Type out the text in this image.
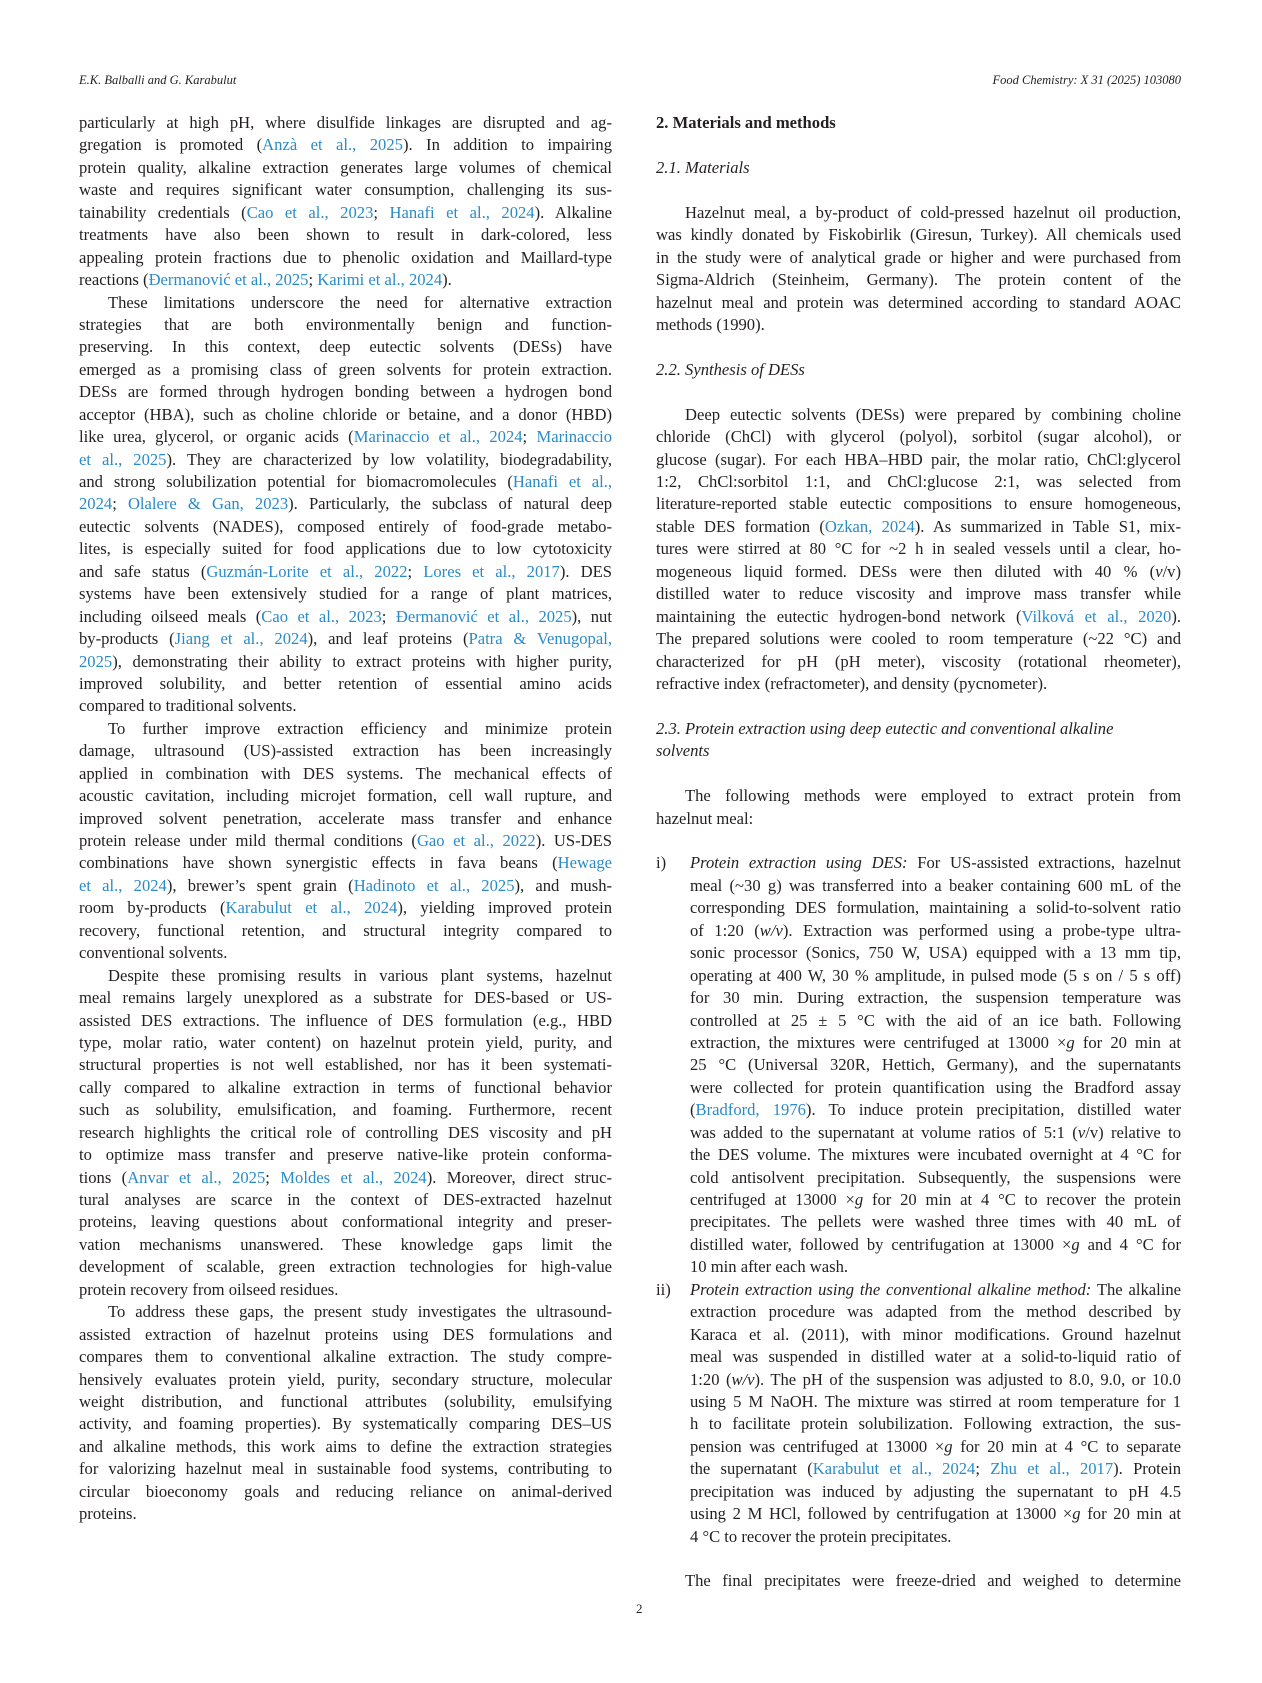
E.K. Balballi and G. Karabulut	Food Chemistry: X 31 (2025) 103080
particularly at high pH, where disulfide linkages are disrupted and ag-
gregation is promoted (Anzà et al., 2025). In addition to impairing
protein quality, alkaline extraction generates large volumes of chemical
waste and requires significant water consumption, challenging its sus-
tainability credentials (Cao et al., 2023; Hanafi et al., 2024). Alkaline
treatments have also been shown to result in dark-colored, less
appealing protein fractions due to phenolic oxidation and Maillard-type
reactions (Đermanović et al., 2025; Karimi et al., 2024).
These limitations underscore the need for alternative extraction
strategies that are both environmentally benign and function-
preserving. In this context, deep eutectic solvents (DESs) have
emerged as a promising class of green solvents for protein extraction.
DESs are formed through hydrogen bonding between a hydrogen bond
acceptor (HBA), such as choline chloride or betaine, and a donor (HBD)
like urea, glycerol, or organic acids (Marinaccio et al., 2024; Marinaccio
et al., 2025). They are characterized by low volatility, biodegradability,
and strong solubilization potential for biomacromolecules (Hanafi et al.,
2024; Olalere & Gan, 2023). Particularly, the subclass of natural deep
eutectic solvents (NADES), composed entirely of food-grade metabo-
lites, is especially suited for food applications due to low cytotoxicity
and safe status (Guzmán-Lorite et al., 2022; Lores et al., 2017). DES
systems have been extensively studied for a range of plant matrices,
including oilseed meals (Cao et al., 2023; Đermanović et al., 2025), nut
by-products (Jiang et al., 2024), and leaf proteins (Patra & Venugopal,
2025), demonstrating their ability to extract proteins with higher purity,
improved solubility, and better retention of essential amino acids
compared to traditional solvents.
To further improve extraction efficiency and minimize protein
damage, ultrasound (US)-assisted extraction has been increasingly
applied in combination with DES systems. The mechanical effects of
acoustic cavitation, including microjet formation, cell wall rupture, and
improved solvent penetration, accelerate mass transfer and enhance
protein release under mild thermal conditions (Gao et al., 2022). US-DES
combinations have shown synergistic effects in fava beans (Hewage
et al., 2024), brewer’s spent grain (Hadinoto et al., 2025), and mush-
room by-products (Karabulut et al., 2024), yielding improved protein
recovery, functional retention, and structural integrity compared to
conventional solvents.
Despite these promising results in various plant systems, hazelnut
meal remains largely unexplored as a substrate for DES-based or US-
assisted DES extractions. The influence of DES formulation (e.g., HBD
type, molar ratio, water content) on hazelnut protein yield, purity, and
structural properties is not well established, nor has it been systemati-
cally compared to alkaline extraction in terms of functional behavior
such as solubility, emulsification, and foaming. Furthermore, recent
research highlights the critical role of controlling DES viscosity and pH
to optimize mass transfer and preserve native-like protein conforma-
tions (Anvar et al., 2025; Moldes et al., 2024). Moreover, direct struc-
tural analyses are scarce in the context of DES-extracted hazelnut
proteins, leaving questions about conformational integrity and preser-
vation mechanisms unanswered. These knowledge gaps limit the
development of scalable, green extraction technologies for high-value
protein recovery from oilseed residues.
To address these gaps, the present study investigates the ultrasound-
assisted extraction of hazelnut proteins using DES formulations and
compares them to conventional alkaline extraction. The study compre-
hensively evaluates protein yield, purity, secondary structure, molecular
weight distribution, and functional attributes (solubility, emulsifying
activity, and foaming properties). By systematically comparing DES–US
and alkaline methods, this work aims to define the extraction strategies
for valorizing hazelnut meal in sustainable food systems, contributing to
circular bioeconomy goals and reducing reliance on animal-derived
proteins.
2. Materials and methods
2.1. Materials
Hazelnut meal, a by-product of cold-pressed hazelnut oil production,
was kindly donated by Fiskobirlik (Giresun, Turkey). All chemicals used
in the study were of analytical grade or higher and were purchased from
Sigma-Aldrich (Steinheim, Germany). The protein content of the
hazelnut meal and protein was determined according to standard AOAC
methods (1990).
2.2. Synthesis of DESs
Deep eutectic solvents (DESs) were prepared by combining choline
chloride (ChCl) with glycerol (polyol), sorbitol (sugar alcohol), or
glucose (sugar). For each HBA–HBD pair, the molar ratio, ChCl:glycerol
1:2, ChCl:sorbitol 1:1, and ChCl:glucose 2:1, was selected from
literature-reported stable eutectic compositions to ensure homogeneous,
stable DES formation (Ozkan, 2024). As summarized in Table S1, mix-
tures were stirred at 80 °C for ~2 h in sealed vessels until a clear, ho-
mogeneous liquid formed. DESs were then diluted with 40 % (v/v)
distilled water to reduce viscosity and improve mass transfer while
maintaining the eutectic hydrogen-bond network (Vilková et al., 2020).
The prepared solutions were cooled to room temperature (~22 °C) and
characterized for pH (pH meter), viscosity (rotational rheometer),
refractive index (refractometer), and density (pycnometer).
2.3. Protein extraction using deep eutectic and conventional alkaline
solvents
The following methods were employed to extract protein from
hazelnut meal:
i)	Protein extraction using DES: For US-assisted extractions, hazelnut
meal (~30 g) was transferred into a beaker containing 600 mL of the
corresponding DES formulation, maintaining a solid-to-solvent ratio
of 1:20 (w/v). Extraction was performed using a probe-type ultra-
sonic processor (Sonics, 750 W, USA) equipped with a 13 mm tip,
operating at 400 W, 30 % amplitude, in pulsed mode (5 s on / 5 s off)
for 30 min. During extraction, the suspension temperature was
controlled at 25 ± 5 °C with the aid of an ice bath. Following
extraction, the mixtures were centrifuged at 13000 ×g for 20 min at
25 °C (Universal 320R, Hettich, Germany), and the supernatants
were collected for protein quantification using the Bradford assay
(Bradford, 1976). To induce protein precipitation, distilled water
was added to the supernatant at volume ratios of 5:1 (v/v) relative to
the DES volume. The mixtures were incubated overnight at 4 °C for
cold antisolvent precipitation. Subsequently, the suspensions were
centrifuged at 13000 ×g for 20 min at 4 °C to recover the protein
precipitates. The pellets were washed three times with 40 mL of
distilled water, followed by centrifugation at 13000 ×g and 4 °C for
10 min after each wash.
ii)	Protein extraction using the conventional alkaline method: The alkaline
extraction procedure was adapted from the method described by
Karaca et al. (2011), with minor modifications. Ground hazelnut
meal was suspended in distilled water at a solid-to-liquid ratio of
1:20 (w/v). The pH of the suspension was adjusted to 8.0, 9.0, or 10.0
using 5 M NaOH. The mixture was stirred at room temperature for 1
h to facilitate protein solubilization. Following extraction, the sus-
pension was centrifuged at 13000 ×g for 20 min at 4 °C to separate
the supernatant (Karabulut et al., 2024; Zhu et al., 2017). Protein
precipitation was induced by adjusting the supernatant to pH 4.5
using 2 M HCl, followed by centrifugation at 13000 ×g for 20 min at
4 °C to recover the protein precipitates.
The final precipitates were freeze-dried and weighed to determine
2
